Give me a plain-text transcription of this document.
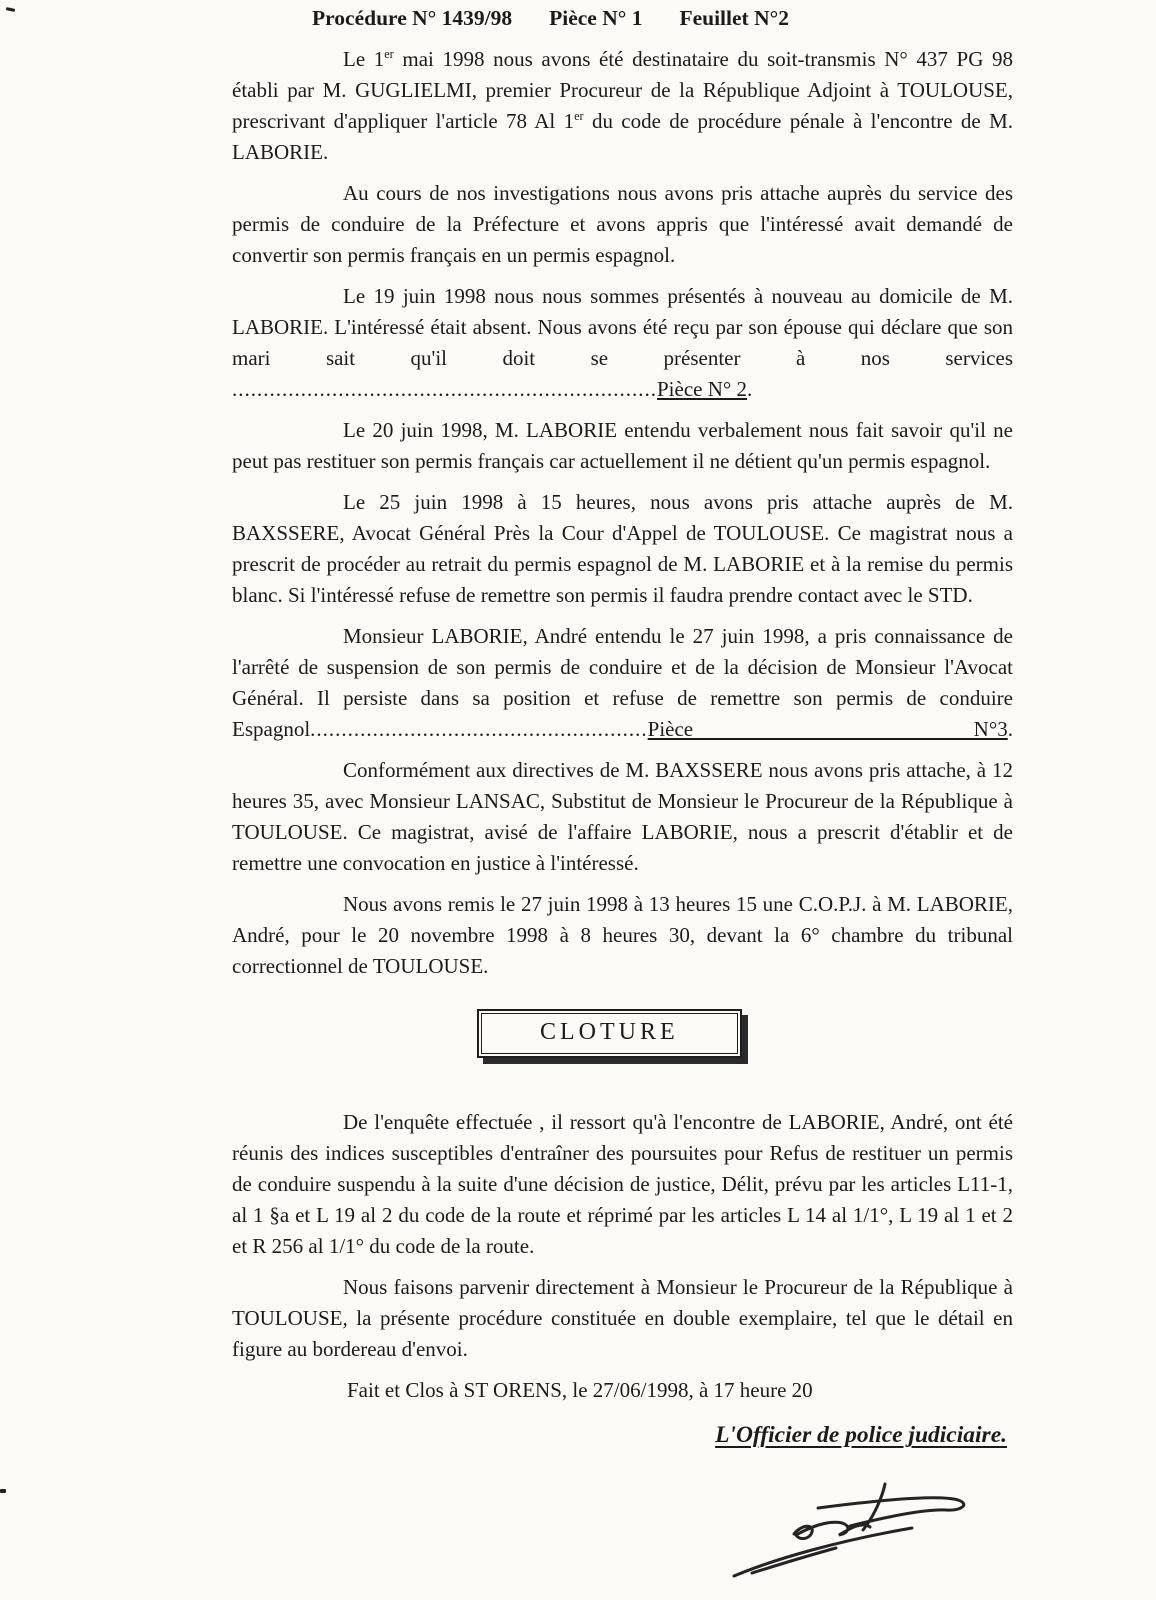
Procédure N° 1439/98 Pièce N° 1 Feuillet N°2

Le 1er mai 1998 nous avons été destinataire du soit-transmis N° 437 PG 98 établi par M. GUGLIELMI, premier Procureur de la République Adjoint à TOULOUSE, prescrivant d'appliquer l'article 78 Al 1er du code de procédure pénale à l'encontre de M. LABORIE.

Au cours de nos investigations nous avons pris attache auprès du service des permis de conduire de la Préfecture et avons appris que l'intéressé avait demandé de convertir son permis français en un permis espagnol.

Le 19 juin 1998 nous nous sommes présentés à nouveau au domicile de M. LABORIE. L'intéressé était absent. Nous avons été reçu par son épouse qui déclare que son mari sait qu'il doit se présenter à nos services

....................................................................Pièce N° 2.

Le 20 juin 1998, M. LABORIE entendu verbalement nous fait savoir qu'il ne peut pas restituer son permis français car actuellement il ne détient qu'un permis espagnol.

Le 25 juin 1998 à 15 heures, nous avons pris attache auprès de M. BAXSSERE, Avocat Général Près la Cour d'Appel de TOULOUSE. Ce magistrat nous a prescrit de procéder au retrait du permis espagnol de M. LABORIE et à la remise du permis blanc. Si l'intéressé refuse de remettre son permis il faudra prendre contact avec le STD.

Monsieur LABORIE, André entendu le 27 juin 1998, a pris connaissance de l'arrêté de suspension de son permis de conduire et de la décision de Monsieur l'Avocat Général. Il persiste dans sa position et refuse de remettre son permis de conduire Espagnol......................................................Pièce N°3.

Conformément aux directives de M. BAXSSERE nous avons pris attache, à 12 heures 35, avec Monsieur LANSAC, Substitut de Monsieur le Procureur de la République à TOULOUSE. Ce magistrat, avisé de l'affaire LABORIE, nous a prescrit d'établir et de remettre une convocation en justice à l'intéressé.

Nous avons remis le 27 juin 1998 à 13 heures 15 une C.O.P.J. à M. LABORIE, André, pour le 20 novembre 1998 à 8 heures 30, devant la 6° chambre du tribunal correctionnel de TOULOUSE.

CLOTURE

De l'enquête effectuée , il ressort qu'à l'encontre de LABORIE, André, ont été réunis des indices susceptibles d'entraîner des poursuites pour Refus de restituer un permis de conduire suspendu à la suite d'une décision de justice, Délit, prévu par les articles L11-1, al 1 §a et L 19 al 2 du code de la route et réprimé par les articles L 14 al 1/1°, L 19 al 1 et 2 et R 256 al 1/1° du code de la route.

Nous faisons parvenir directement à Monsieur le Procureur de la République à TOULOUSE, la présente procédure constituée en double exemplaire, tel que le détail en figure au bordereau d'envoi.

Fait et Clos à ST ORENS, le 27/06/1998, à 17 heure 20

L'Officier de police judiciaire.
